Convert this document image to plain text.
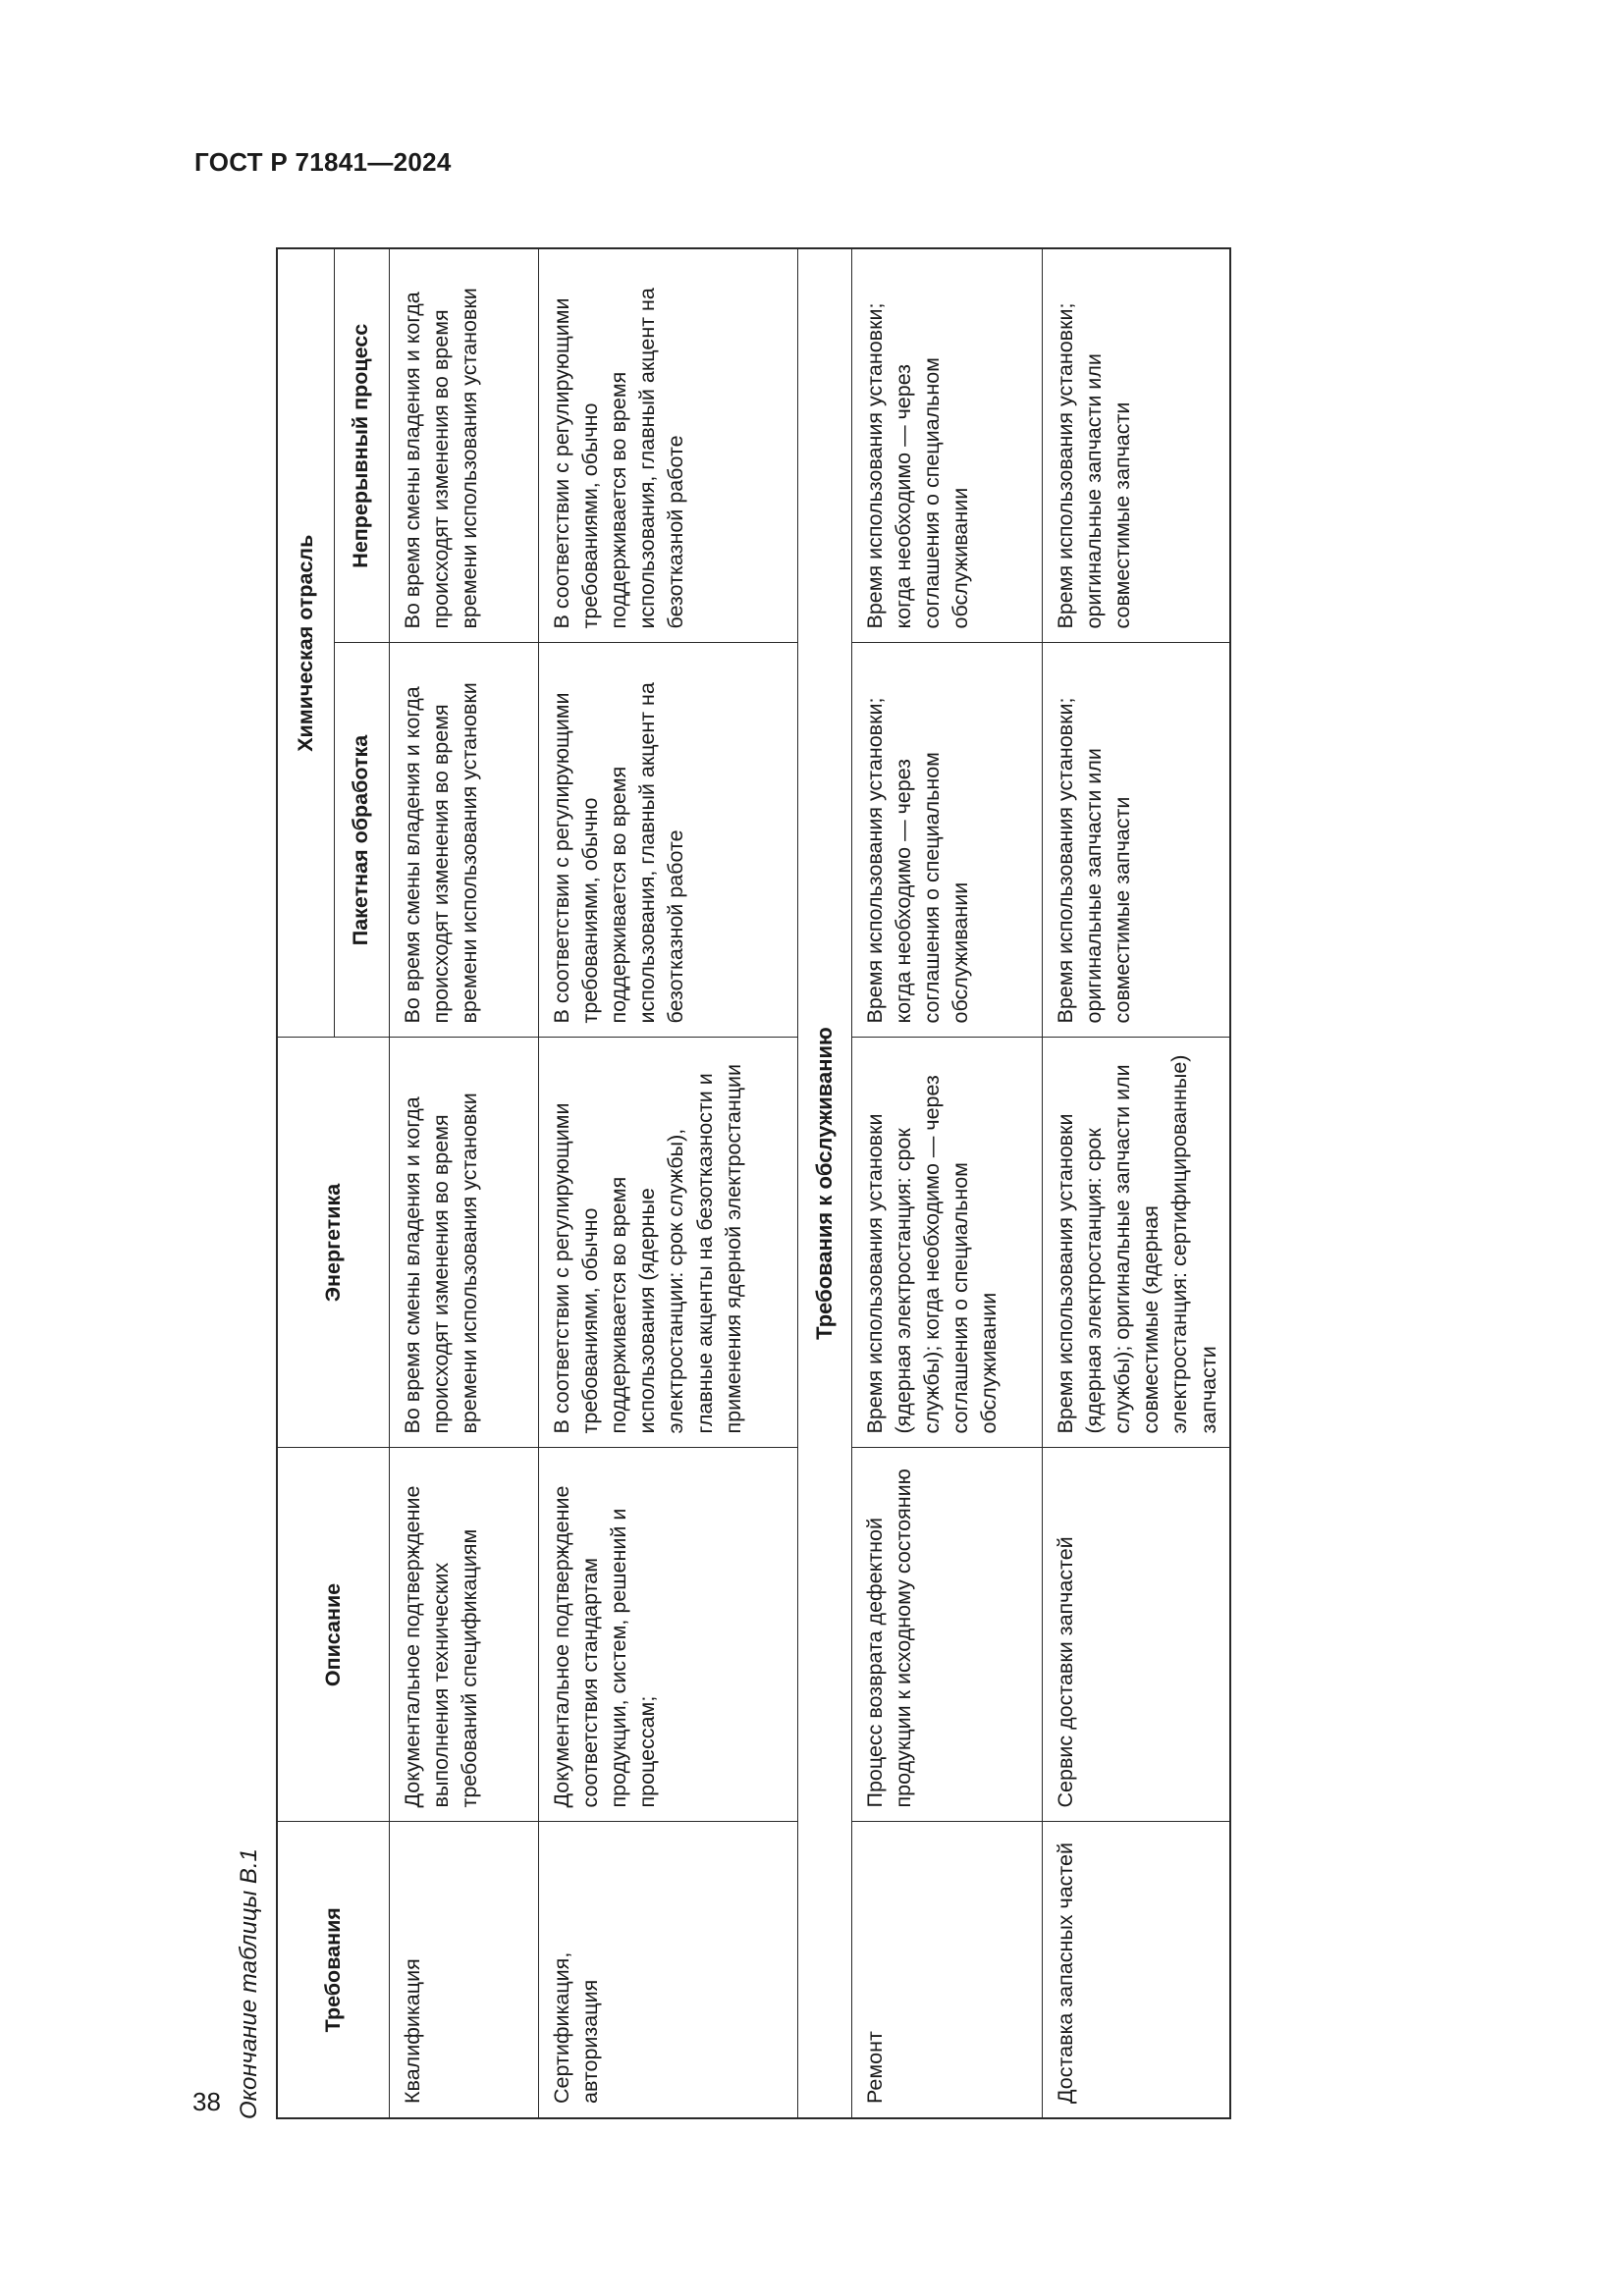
ГОСТ Р 71841—2024
Окончание таблицы В.1	Требования	Описание	Энергетика	Химическая отрасль	
			Пакетная обработка	Непрерывный процесс
Квалификация	Документальное подтверждение выполнения технических требований спецификациям	Во время смены владения и когда происходят изменения во время времени использования установки	Во время смены владения и когда происходят изменения во время времени использования установки	Во время смены владения и когда происходят изменения во время времени использования установки
Сертификация, авторизация	Документальное подтверждение соответствия стандартам продукции, систем, решений и процессам;	В соответствии с регулирующими требованиями, обычно поддерживается во время использования (ядерные электростанции: срок службы), главные акценты на безотказности и применения ядерной электростанции	В соответствии с регулирующими требованиями, обычно поддерживается во время использования, главный акцент на безотказной работе	В соответствии с регулирующими требованиями, обычно поддерживается во время использования, главный акцент на безотказной работе
Требования к обслуживанию				
Ремонт	Процесс возврата дефектной продукции к исходному состоянию	Время использования установки (ядерная электростанция: срок службы); когда необходимо — через соглашения о специальном обслуживании	Время использования установки; когда необходимо — через соглашения о специальном обслуживании	Время использования установки; когда необходимо — через соглашения о специальном обслуживании
Доставка запасных частей	Сервис доставки запчастей	Время использования установки (ядерная электростанция: срок службы); оригинальные запчасти или совместимые (ядерная электростанция: сертифицированные) запчасти	Время использования установки; оригинальные запчасти или совместимые запчасти	Время использования установки; оригинальные запчасти или совместимые запчасти
38
